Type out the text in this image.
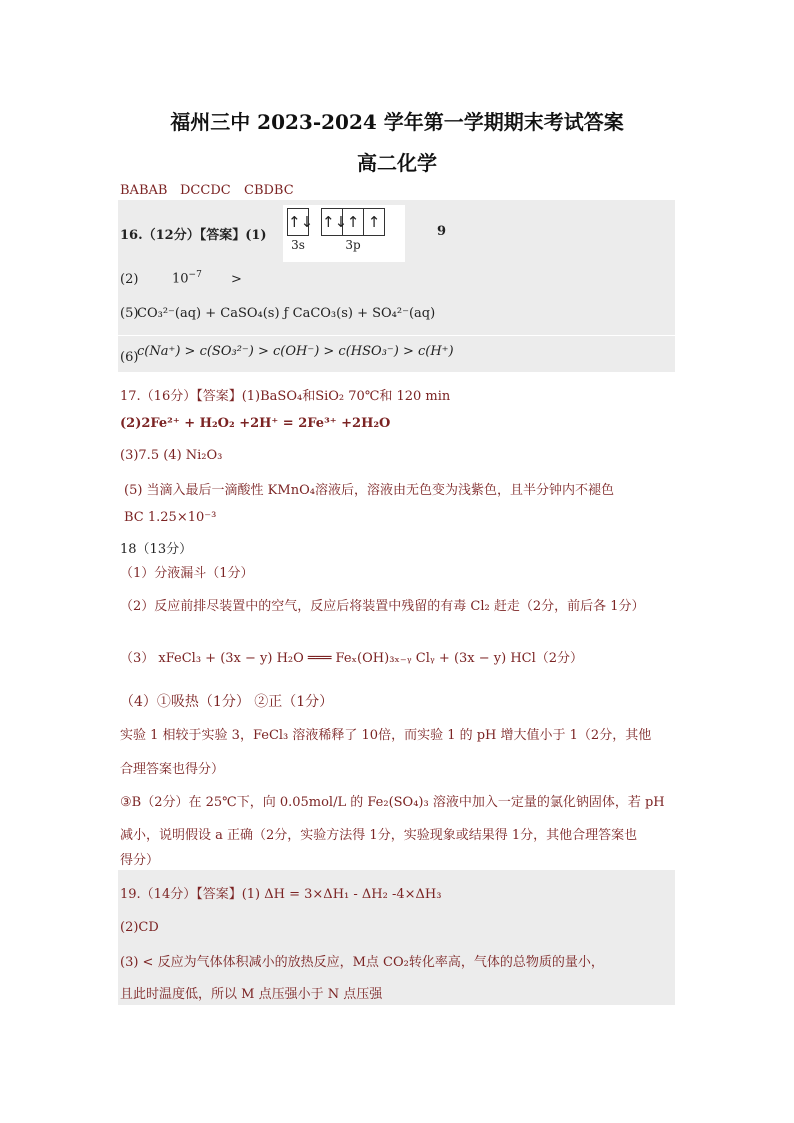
福州三中 2023-2024 学年第一学期期末考试答案
高二化学
BABAB DCCDC CBDBC
16.（12分）【答案】(1)
↑↓
3s
↑↓ ↑ ↑
3p
9
(2)	$10^{-7}$ >
(5)
CO₃²⁻(aq) + CaSO₄(s) ƒ CaCO₃(s) + SO₄²⁻(aq)
(6)
c(Na⁺) > c(SO₃²⁻) > c(OH⁻) > c(HSO₃⁻) > c(H⁺)
17.（16分）【答案】(1)BaSO₄和SiO₂ 70℃和 120 min
(2)2Fe²⁺ + H₂O₂ +2H⁺ = 2Fe³⁺ +2H₂O
(3)7.5 (4) Ni₂O₃
(5) 当滴入最后一滴酸性 KMnO₄溶液后，溶液由无色变为浅紫色，且半分钟内不褪色
BC 1.25×10⁻³
18（13分）
（1）分液漏斗（1分）
（2）反应前排尽装置中的空气，反应后将装置中残留的有毒 Cl₂ 赶走（2分，前后各 1分）
（3） xFeCl₃ + (3x − y) H₂O ═══ Feₓ(OH)₃ₓ₋ᵧ Clᵧ + (3x − y) HCl（2分）
（4）①吸热（1分） ②正（1分）
实验 1 相较于实验 3，FeCl₃ 溶液稀释了 10倍，而实验 1 的 pH 增大值小于 1（2分，其他
合理答案也得分）
③B（2分）在 25℃下，向 0.05mol/L 的 Fe₂(SO₄)₃ 溶液中加入一定量的氯化钠固体，若 pH
减小，说明假设 a 正确（2分，实验方法得 1分，实验现象或结果得 1分，其他合理答案也
得分）
19.（14分）【答案】(1) ΔH = 3×ΔH₁ - ΔH₂ -4×ΔH₃
(2)CD
(3) < 反应为气体体积减小的放热反应，M点 CO₂转化率高，气体的总物质的量小，
且此时温度低，所以 M 点压强小于 N 点压强
